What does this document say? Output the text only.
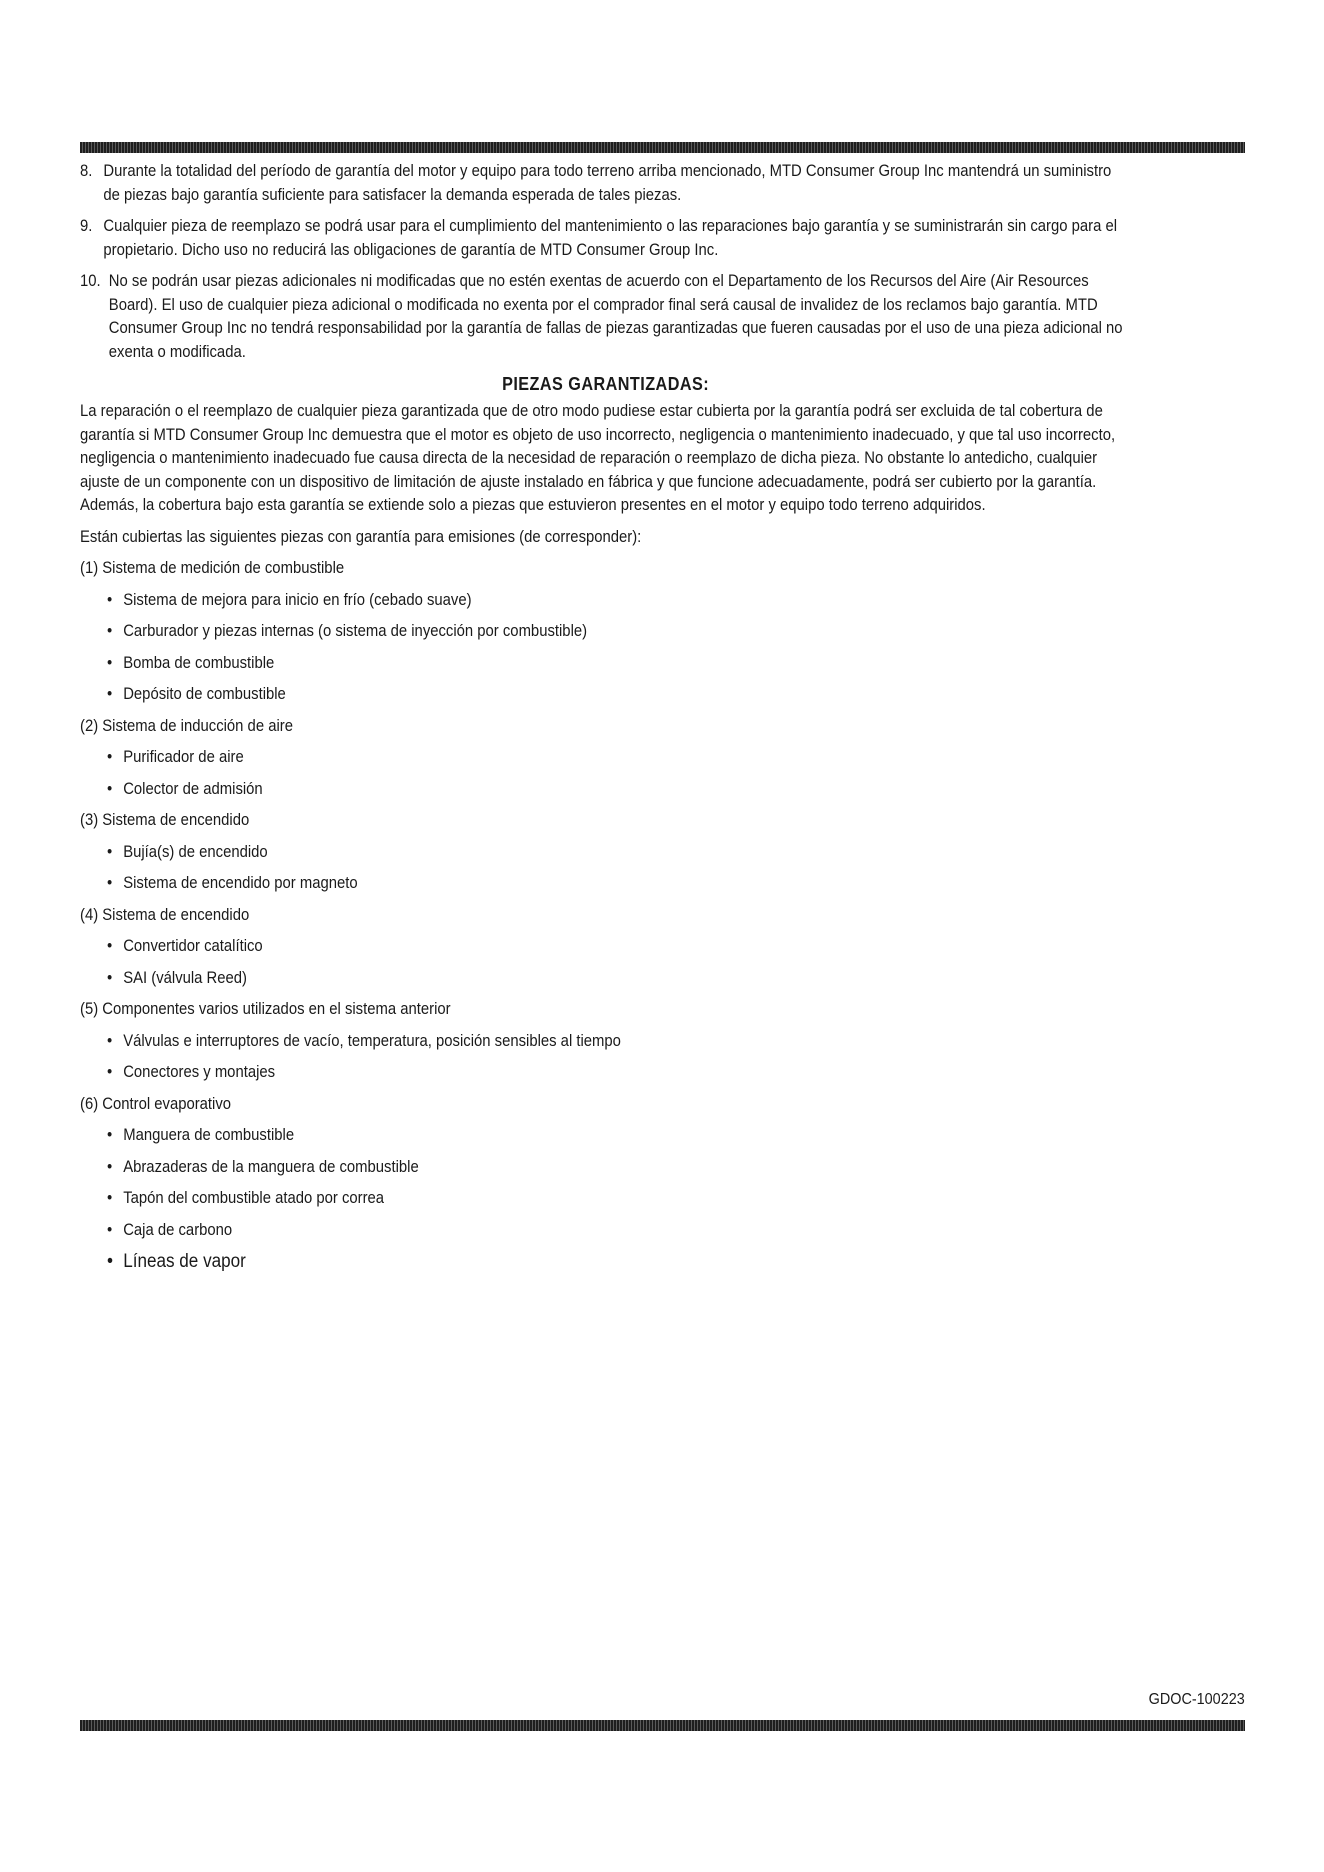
8. Durante la totalidad del período de garantía del motor y equipo para todo terreno arriba mencionado, MTD Consumer Group Inc mantendrá un suministro de piezas bajo garantía suficiente para satisfacer la demanda esperada de tales piezas.
9. Cualquier pieza de reemplazo se podrá usar para el cumplimiento del mantenimiento o las reparaciones bajo garantía y se suministrarán sin cargo para el propietario. Dicho uso no reducirá las obligaciones de garantía de MTD Consumer Group Inc.
10. No se podrán usar piezas adicionales ni modificadas que no estén exentas de acuerdo con el Departamento de los Recursos del Aire (Air Resources Board). El uso de cualquier pieza adicional o modificada no exenta por el comprador final será causal de invalidez de los reclamos bajo garantía. MTD Consumer Group Inc no tendrá responsabilidad por la garantía de fallas de piezas garantizadas que fueren causadas por el uso de una pieza adicional no exenta o modificada.
PIEZAS GARANTIZADAS:

La reparación o el reemplazo de cualquier pieza garantizada que de otro modo pudiese estar cubierta por la garantía podrá ser excluida de tal cobertura de garantía si MTD Consumer Group Inc demuestra que el motor es objeto de uso incorrecto, negligencia o mantenimiento inadecuado, y que tal uso incorrecto, negligencia o mantenimiento inadecuado fue causa directa de la necesidad de reparación o reemplazo de dicha pieza. No obstante lo antedicho, cualquier ajuste de un componente con un dispositivo de limitación de ajuste instalado en fábrica y que funcione adecuadamente, podrá ser cubierto por la garantía. Además, la cobertura bajo esta garantía se extiende solo a piezas que estuvieron presentes en el motor y equipo todo terreno adquiridos.

Están cubiertas las siguientes piezas con garantía para emisiones (de corresponder):

(1) Sistema de medición de combustible

• Sistema de mejora para inicio en frío (cebado suave)
• Carburador y piezas internas (o sistema de inyección por combustible)
• Bomba de combustible
• Depósito de combustible

(2) Sistema de inducción de aire

• Purificador de aire
• Colector de admisión

(3) Sistema de encendido

• Bujía(s) de encendido
• Sistema de encendido por magneto

(4) Sistema de encendido

• Convertidor catalítico
• SAI (válvula Reed)

(5) Componentes varios utilizados en el sistema anterior

• Válvulas e interruptores de vacío, temperatura, posición sensibles al tiempo
• Conectores y montajes

(6) Control evaporativo

• Manguera de combustible
• Abrazaderas de la manguera de combustible
• Tapón del combustible atado por correa
• Caja de carbono
• Líneas de vapor
GDOC-100223
